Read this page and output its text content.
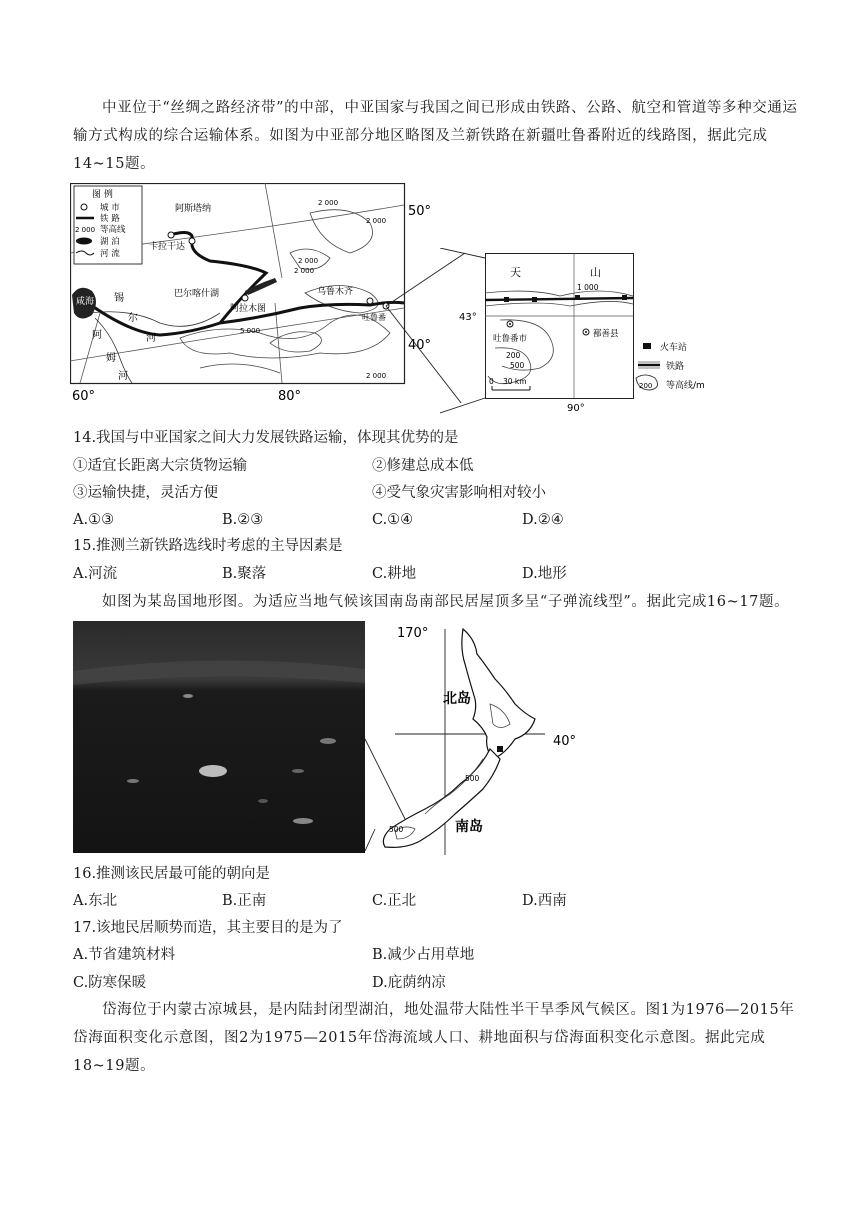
中亚位于“丝绸之路经济带”的中部，中亚国家与我国之间已形成由铁路、公路、航空和管道等多种交通运输方式构成的综合运输体系。如图为中亚部分地区略图及兰新铁路在新疆吐鲁番附近的线路图，据此完成14~15题。
图 例
城 市
铁 路
2 000 等高线
湖 泊
河 流
阿斯塔纳
卡拉干达
巴尔喀什湖
阿拉木图
乌鲁木齐
吐鲁番
咸海 锡
尔
河
阿
姆
河
2 000
2 000
2 000
2 000
5 000
2 000
50°
40°
60°	80°
天	山
1 000
43°
吐鲁番市	鄯善县
200
500
0 30 km
90°
火车站
铁路
200 等高线/m
14.我国与中亚国家之间大力发展铁路运输，体现其优势的是
①适宜长距离大宗货物运输	②修建总成本低
③运输快捷，灵活方便	④受气象灾害影响相对较小
A.①③	B.②③	C.①④	D.②④
15.推测兰新铁路选线时考虑的主导因素是
A.河流	B.聚落	C.耕地	D.地形
如图为某岛国地形图。为适应当地气候该国南岛南部民居屋顶多呈“子弹流线型”。据此完成16~17题。
170°
40°
北岛
南岛
500
500
16.推测该民居最可能的朝向是
A.东北	B.正南	C.正北	D.西南
17.该地民居顺势而造，其主要目的是为了
A.节省建筑材料	B.减少占用草地
C.防寒保暖	D.庇荫纳凉
岱海位于内蒙古凉城县，是内陆封闭型湖泊，地处温带大陆性半干旱季风气候区。图1为1976—2015年岱海面积变化示意图，图2为1975—2015年岱海流域人口、耕地面积与岱海面积变化示意图。据此完成18~19题。
